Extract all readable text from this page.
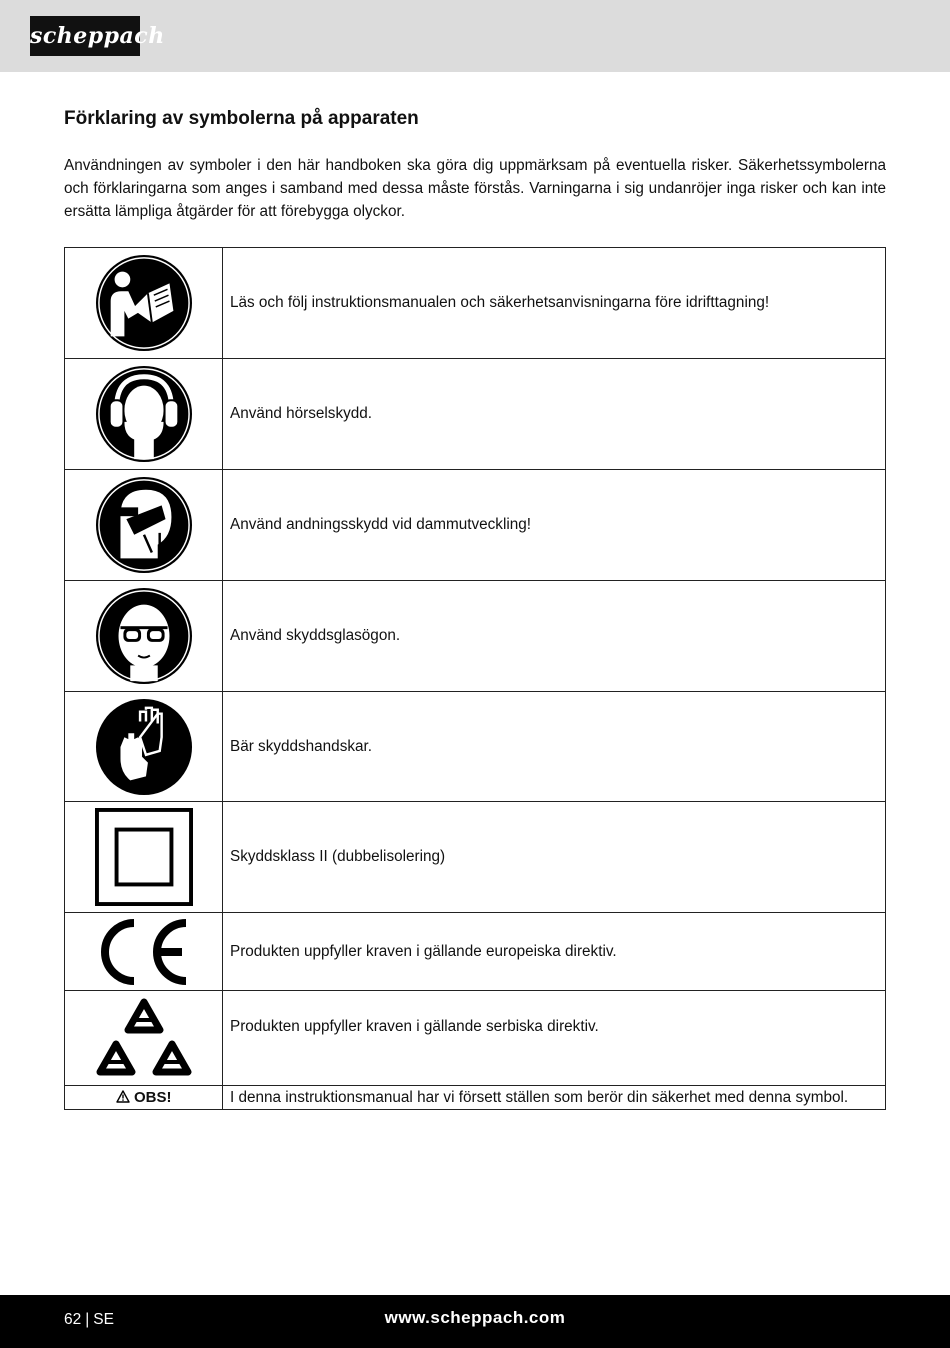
scheppach
Förklaring av symbolerna på apparaten

Användningen av symboler i den här handboken ska göra dig uppmärksam på eventuella risker. Säkerhetssymbolerna och förklaringarna som anges i samband med dessa måste förstås. Varningarna i sig undanröjer inga risker och kan inte ersätta lämpliga åtgärder för att förebygga olyckor.

	Läs och följ instruktionsmanualen och säkerhetsanvisningarna före idrifttagning!

	Använd hörselskydd.

	Använd andningsskydd vid dammutveckling!

	Använd skyddsglasögon.

	Bär skyddshandskar.

	Skyddsklass II (dubbelisolering)

	Produkten uppfyller kraven i gällande europeiska direktiv.

	Produkten uppfyller kraven i gällande serbiska direktiv.

OBS!	I denna instruktionsmanual har vi försett ställen som berör din säkerhet med denna symbol.
62 | SE	www.scheppach.com
